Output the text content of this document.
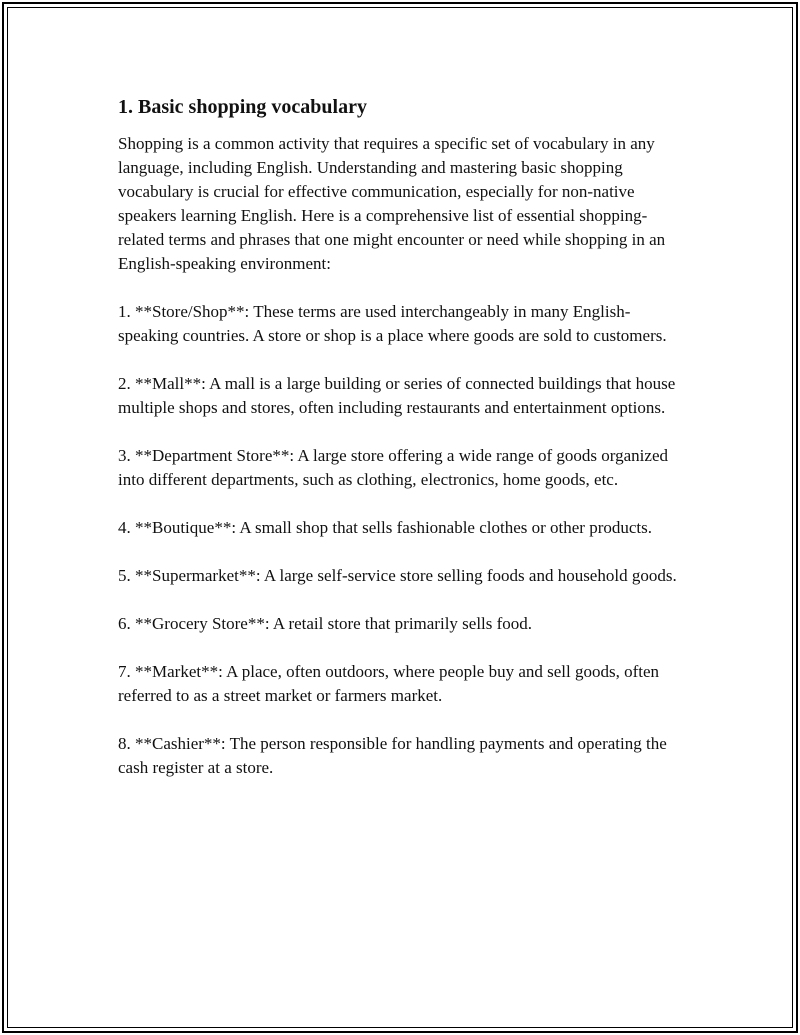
1. Basic shopping vocabulary

Shopping is a common activity that requires a specific set of vocabulary in any language, including English. Understanding and mastering basic shopping vocabulary is crucial for effective communication, especially for non-native speakers learning English. Here is a comprehensive list of essential shopping-related terms and phrases that one might encounter or need while shopping in an English-speaking environment:

1. **Store/Shop**: These terms are used interchangeably in many English-speaking countries. A store or shop is a place where goods are sold to customers.

2. **Mall**: A mall is a large building or series of connected buildings that house multiple shops and stores, often including restaurants and entertainment options.

3. **Department Store**: A large store offering a wide range of goods organized into different departments, such as clothing, electronics, home goods, etc.

4. **Boutique**: A small shop that sells fashionable clothes or other products.

5. **Supermarket**: A large self-service store selling foods and household goods.

6. **Grocery Store**: A retail store that primarily sells food.

7. **Market**: A place, often outdoors, where people buy and sell goods, often referred to as a street market or farmers market.

8. **Cashier**: The person responsible for handling payments and operating the cash register at a store.
